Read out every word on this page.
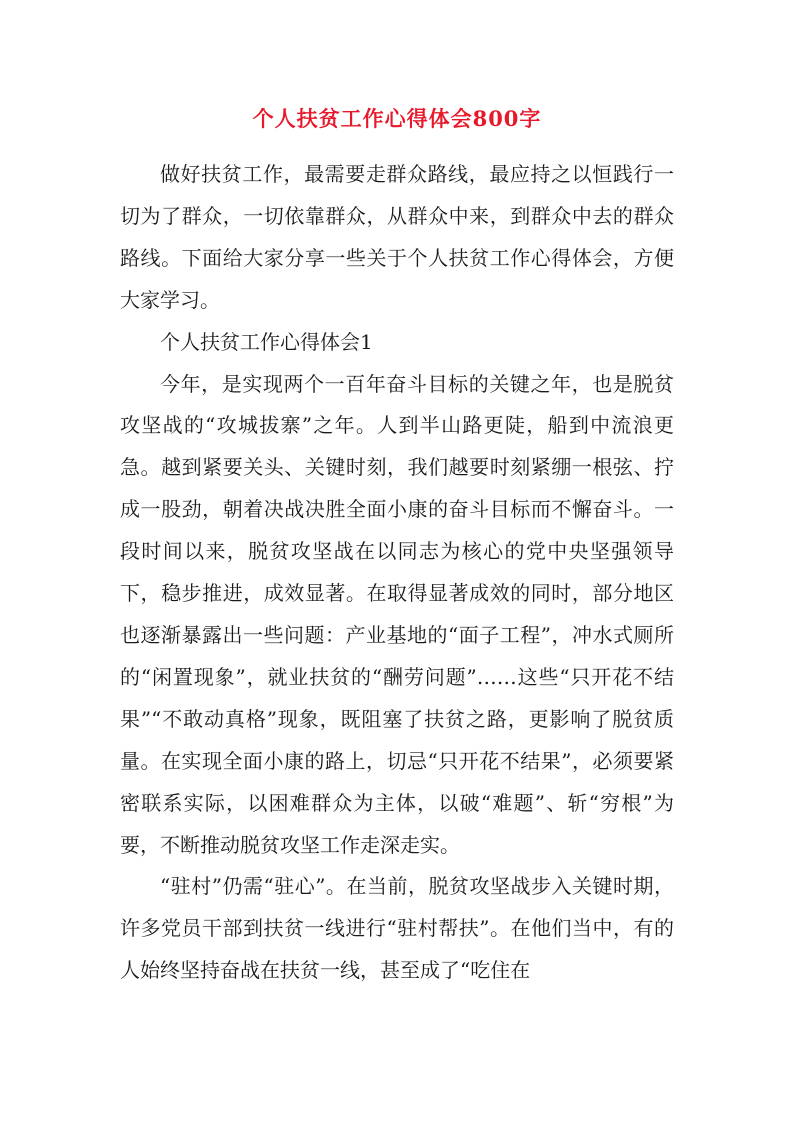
个人扶贫工作心得体会800字

做好扶贫工作，最需要走群众路线，最应持之以恒践行一切为了群众，一切依靠群众，从群众中来，到群众中去的群众路线。下面给大家分享一些关于个人扶贫工作心得体会，方便大家学习。

个人扶贫工作心得体会1

今年，是实现两个一百年奋斗目标的关键之年，也是脱贫攻坚战的“攻城拔寨”之年。人到半山路更陡，船到中流浪更急。越到紧要关头、关键时刻，我们越要时刻紧绷一根弦、拧成一股劲，朝着决战决胜全面小康的奋斗目标而不懈奋斗。一段时间以来，脱贫攻坚战在以同志为核心的党中央坚强领导下，稳步推进，成效显著。在取得显著成效的同时，部分地区也逐渐暴露出一些问题：产业基地的“面子工程”，冲水式厕所的“闲置现象”，就业扶贫的“酬劳问题”……这些“只开花不结果”“不敢动真格”现象，既阻塞了扶贫之路，更影响了脱贫质量。在实现全面小康的路上，切忌“只开花不结果”，必须要紧密联系实际，以困难群众为主体，以破“难题”、斩“穷根”为要，不断推动脱贫攻坚工作走深走实。

“驻村”仍需“驻心”。在当前，脱贫攻坚战步入关键时期，许多党员干部到扶贫一线进行“驻村帮扶”。在他们当中，有的人始终坚持奋战在扶贫一线，甚至成了“吃住在
